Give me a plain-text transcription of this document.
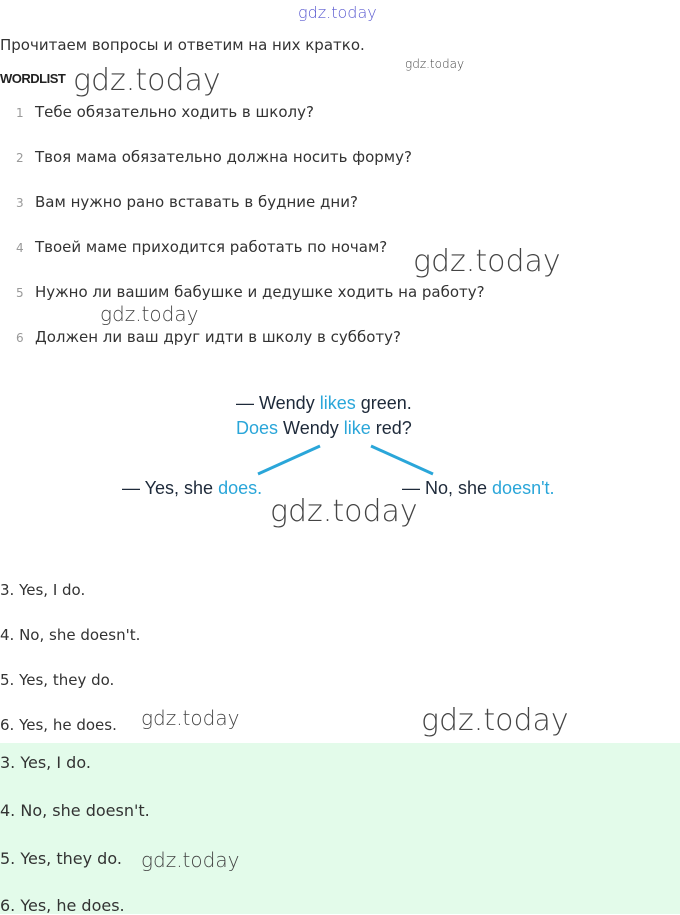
gdz.today
Прочитаем вопросы и ответим на них кратко.
gdz.today
WORDLIST gdz.today
1 Тебе обязательно ходить в школу?
2 Твоя мама обязательно должна носить форму?
3 Вам нужно рано вставать в будние дни?
4 Твоей маме приходится работать по ночам?
5 Нужно ли вашим бабушке и дедушке ходить на работу?
6 Должен ли ваш друг идти в школу в субботу?
gdz.today
gdz.today
— Wendy likes green.
Does Wendy like red?
— Yes, she does.	— No, she doesn't.
gdz.today
3. Yes, I do.
4. No, she doesn't.
5. Yes, they do.
6. Yes, he does. gdz.today	gdz.today
3. Yes, I do.
4. No, she doesn't.
5. Yes, they do.
6. Yes, he does.
gdz.today
